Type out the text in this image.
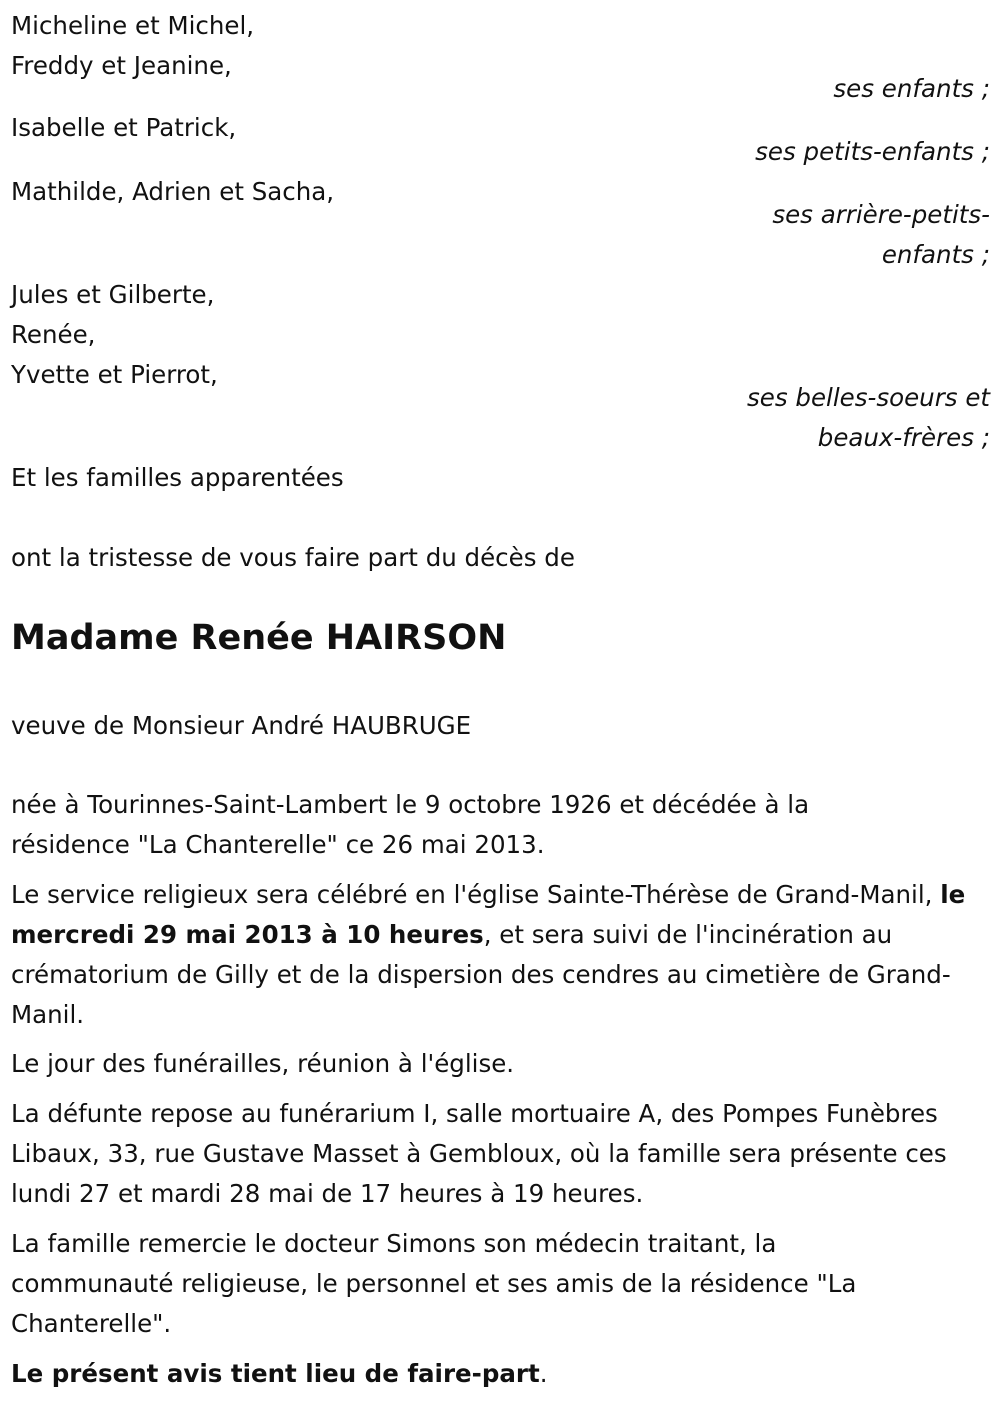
Micheline et Michel,
Freddy et Jeanine,
ses enfants ;
Isabelle et Patrick,
ses petits-enfants ;
Mathilde, Adrien et Sacha,
ses arrière-petits-
enfants ;
Jules et Gilberte,
Renée,
Yvette et Pierrot,
ses belles-soeurs et
beaux-frères ;
Et les familles apparentées
ont la tristesse de vous faire part du décès de
Madame Renée HAIRSON
veuve de Monsieur André HAUBRUGE
née à Tourinnes-Saint-Lambert le 9 octobre 1926 et décédée à la résidence "La Chanterelle" ce 26 mai 2013.
Le service religieux sera célébré en l'église Sainte-Thérèse de Grand-Manil, le mercredi 29 mai 2013 à 10 heures, et sera suivi de l'incinération au crématorium de Gilly et de la dispersion des cendres au cimetière de Grand-Manil.
Le jour des funérailles, réunion à l'église.
La défunte repose au funérarium I, salle mortuaire A, des Pompes Funèbres Libaux, 33, rue Gustave Masset à Gembloux, où la famille sera présente ces lundi 27 et mardi 28 mai de 17 heures à 19 heures.
La famille remercie le docteur Simons son médecin traitant, la communauté religieuse, le personnel et ses amis de la résidence "La Chanterelle".
Le présent avis tient lieu de faire-part.
